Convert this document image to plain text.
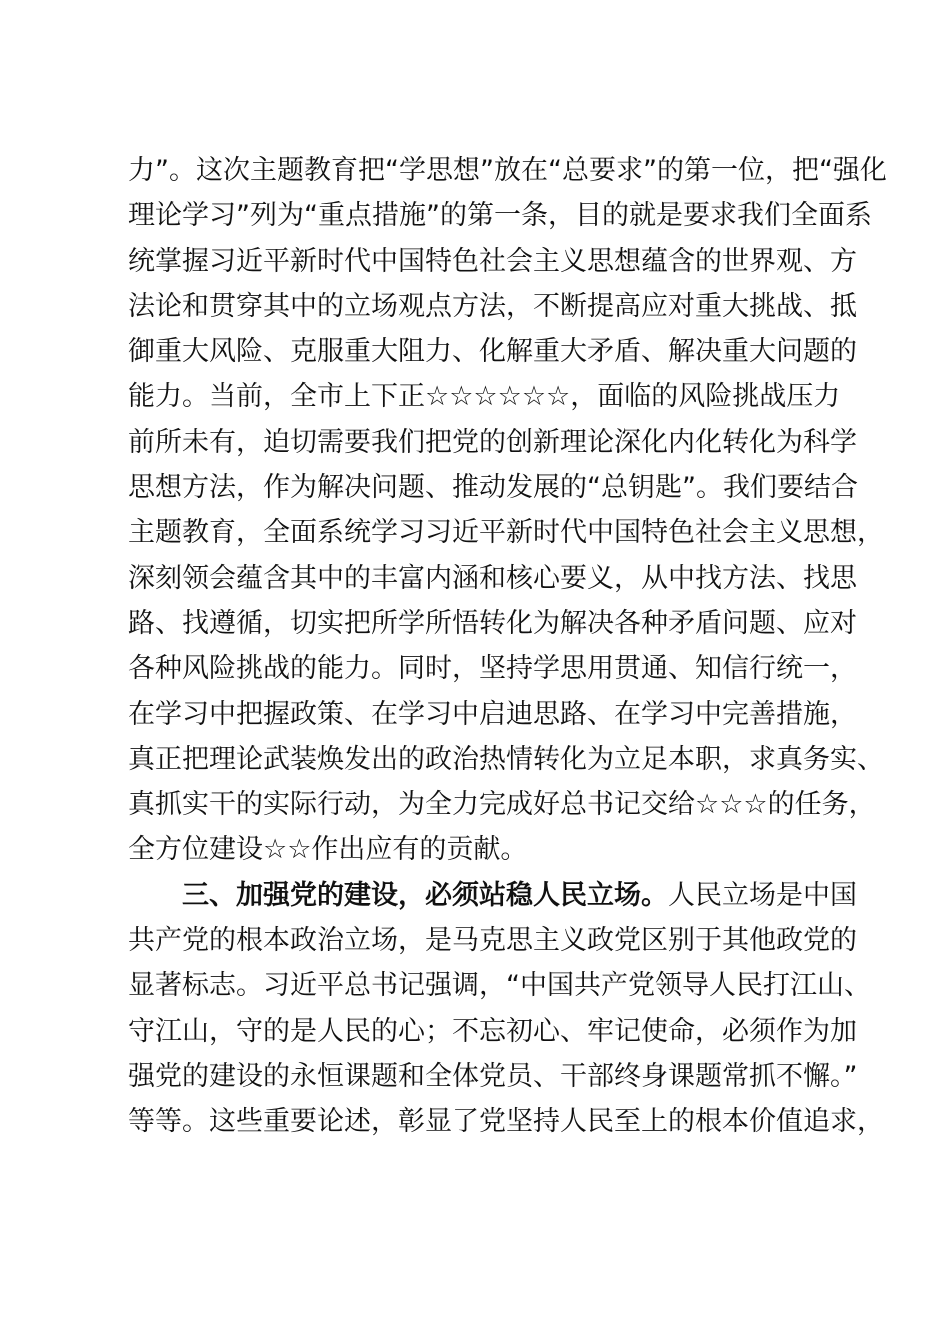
力”。这次主题教育把“学思想”放在“总要求”的第一位，把“强化
理论学习”列为“重点措施”的第一条，目的就是要求我们全面系
统掌握习近平新时代中国特色社会主义思想蕴含的世界观、方
法论和贯穿其中的立场观点方法，不断提高应对重大挑战、抵
御重大风险、克服重大阻力、化解重大矛盾、解决重大问题的
能力。当前，全市上下正☆☆☆☆☆☆，面临的风险挑战压力
前所未有，迫切需要我们把党的创新理论深化内化转化为科学
思想方法，作为解决问题、推动发展的“总钥匙”。我们要结合
主题教育，全面系统学习习近平新时代中国特色社会主义思想，
深刻领会蕴含其中的丰富内涵和核心要义，从中找方法、找思
路、找遵循，切实把所学所悟转化为解决各种矛盾问题、应对
各种风险挑战的能力。同时，坚持学思用贯通、知信行统一，
在学习中把握政策、在学习中启迪思路、在学习中完善措施，
真正把理论武装焕发出的政治热情转化为立足本职，求真务实、
真抓实干的实际行动，为全力完成好总书记交给☆☆☆的任务，
全方位建设☆☆作出应有的贡献。
三、加强党的建设，必须站稳人民立场。人民立场是中国
共产党的根本政治立场，是马克思主义政党区别于其他政党的
显著标志。习近平总书记强调，“中国共产党领导人民打江山、
守江山，守的是人民的心；不忘初心、牢记使命，必须作为加
强党的建设的永恒课题和全体党员、干部终身课题常抓不懈。”
等等。这些重要论述，彰显了党坚持人民至上的根本价值追求，
